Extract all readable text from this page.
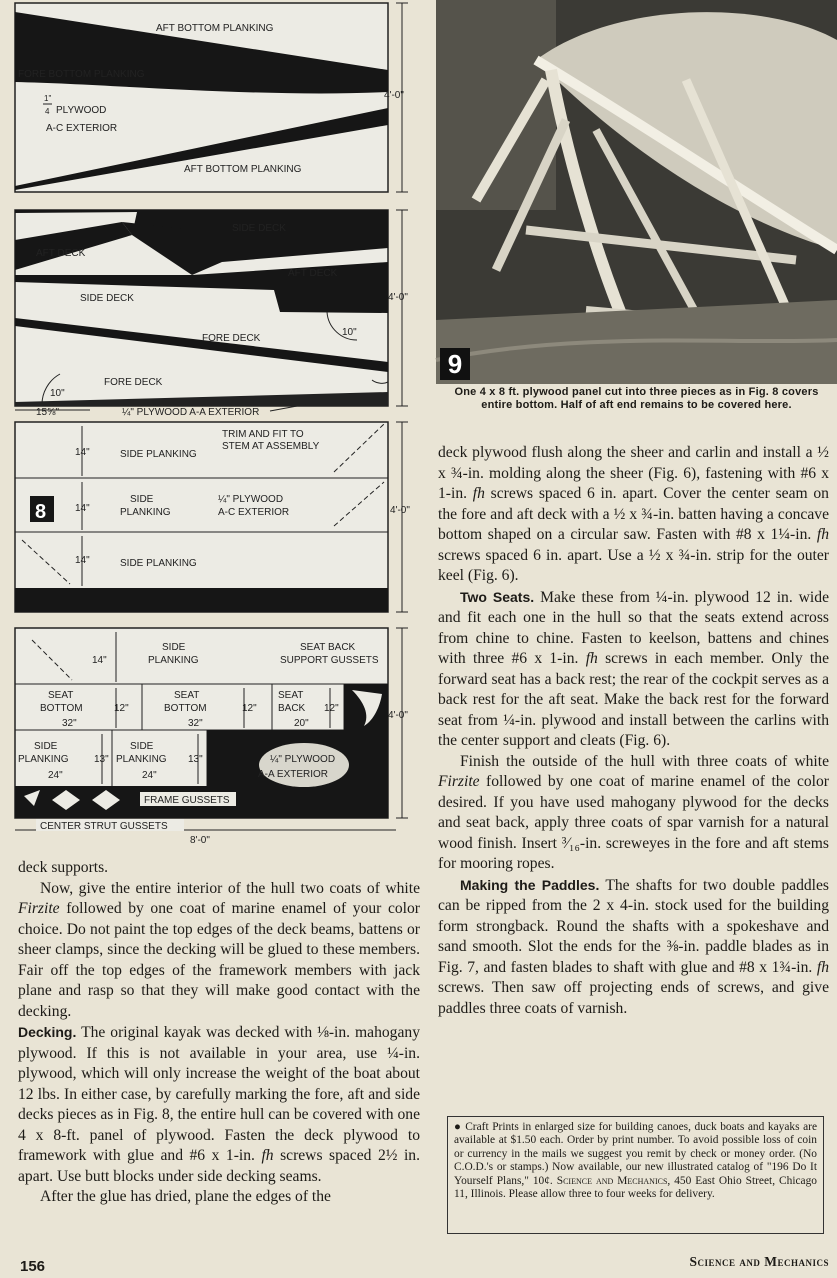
AFT BOTTOM PLANKING
FORE BOTTOM PLANKING
1"
4 PLYWOOD
A-C EXTERIOR
AFT BOTTOM PLANKING
4'-0"
SIDE DECK
AFT DECK
AFT DECK
SIDE DECK	4'-0"
FORE DECK
10"
FORE DECK
10"
15⅝"	¼" PLYWOOD A-A EXTERIOR
TRIM AND FIT TO
STEM AT ASSEMBLY
14"	SIDE PLANKING
8
SIDE
PLANKING
14"
¼" PLYWOOD
A-C EXTERIOR	4'-0"
14"	SIDE PLANKING
SIDE
PLANKING
14"
SEAT BACK
SUPPORT GUSSETS
SEAT
BOTTOM	12"
32"
SEAT
BOTTOM	12"
32"
SEAT
BACK 12"
20"
4'-0"
SIDE
PLANKING	13"
24"
SIDE
PLANKING 13"
24"
¼" PLYWOOD
A-A EXTERIOR
FRAME GUSSETS
CENTER STRUT GUSSETS
8'-0"
9
One 4 x 8 ft. plywood panel cut into three pieces as in Fig. 8 covers entire bottom. Half of aft end remains to be covered here.

deck supports.

Now, give the entire interior of the hull two coats of white Firzite followed by one coat of marine enamel of your color choice. Do not paint the top edges of the deck beams, battens or sheer clamps, since the decking will be glued to these members. Fair off the top edges of the framework members with jack plane and rasp so that they will make good contact with the decking.

Decking. The original kayak was decked with ⅛-in. mahogany plywood. If this is not available in your area, use ¼-in. plywood, which will only increase the weight of the boat about 12 lbs. In either case, by carefully marking the fore, aft and side decks pieces as in Fig. 8, the entire hull can be covered with one 4 x 8-ft. panel of plywood. Fasten the deck plywood to framework with glue and #6 x 1-in. fh screws spaced 2½ in. apart. Use butt blocks under side decking seams.

After the glue has dried, plane the edges of the

deck plywood flush along the sheer and carlin and install a ½ x ¾-in. molding along the sheer (Fig. 6), fastening with #6 x 1-in. fh screws spaced 6 in. apart. Cover the center seam on the fore and aft deck with a ½ x ¾-in. batten having a concave bottom shaped on a circular saw. Fasten with #8 x 1¼-in. fh screws spaced 6 in. apart. Use a ½ x ¾-in. strip for the outer keel (Fig. 6).

Two Seats. Make these from ¼-in. plywood 12 in. wide and fit each one in the hull so that the seats extend across from chine to chine. Fasten to keelson, battens and chines with three #6 x 1-in. fh screws in each member. Only the forward seat has a back rest; the rear of the cockpit serves as a back rest for the aft seat. Make the back rest for the forward seat from ¼-in. plywood and install between the carlins with the center support and cleats (Fig. 6).

Finish the outside of the hull with three coats of white Firzite followed by one coat of marine enamel of the color desired. If you have used mahogany plywood for the decks and seat back, apply three coats of spar varnish for a natural wood finish. Insert ³⁄₁₆-in. screweyes in the fore and aft stems for mooring ropes.

Making the Paddles. The shafts for two double paddles can be ripped from the 2 x 4-in. stock used for the building form strongback. Round the shafts with a spokeshave and sand smooth. Slot the ends for the ⅜-in. paddle blades as in Fig. 7, and fasten blades to shaft with glue and #8 x 1¾-in. fh screws. Then saw off projecting ends of screws, and give paddles three coats of varnish.

● Craft Prints in enlarged size for building canoes, duck boats and kayaks are available at $1.50 each. Order by print number. To avoid possible loss of coin or currency in the mails we suggest you remit by check or money order. (No C.O.D.'s or stamps.) Now available, our new illustrated catalog of "196 Do It Yourself Plans," 10¢. Science and Mechanics, 450 East Ohio Street, Chicago 11, Illinois. Please allow three to four weeks for delivery.
156	Science and Mechanics
